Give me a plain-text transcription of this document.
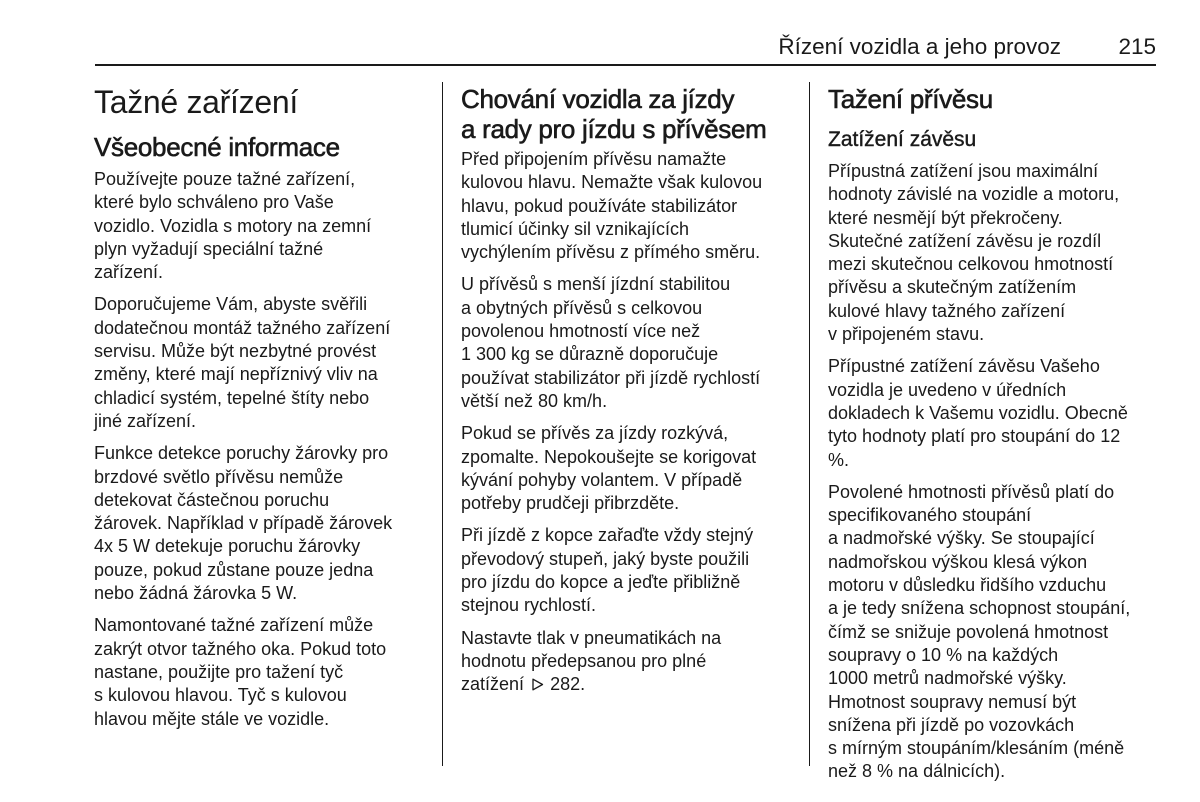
Řízení vozidla a jeho provoz	215
Tažné zařízení
Všeobecné informace

Používejte pouze tažné zařízení,
které bylo schváleno pro Vaše
vozidlo. Vozidla s motory na zemní
plyn vyžadují speciální tažné
zařízení.

Doporučujeme Vám, abyste svěřili
dodatečnou montáž tažného zařízení
servisu. Může být nezbytné provést
změny, které mají nepříznivý vliv na
chladicí systém, tepelné štíty nebo
jiné zařízení.

Funkce detekce poruchy žárovky pro
brzdové světlo přívěsu nemůže
detekovat částečnou poruchu
žárovek. Například v případě žárovek
4x 5 W detekuje poruchu žárovky
pouze, pokud zůstane pouze jedna
nebo žádná žárovka 5 W.

Namontované tažné zařízení může
zakrýt otvor tažného oka. Pokud toto
nastane, použijte pro tažení tyč
s kulovou hlavou. Tyč s kulovou
hlavou mějte stále ve vozidle.

Chování vozidla za jízdy
a rady pro jízdu s přívěsem

Před připojením přívěsu namažte
kulovou hlavu. Nemažte však kulovou
hlavu, pokud používáte stabilizátor
tlumicí účinky sil vznikajících
vychýlením přívěsu z přímého směru.

U přívěsů s menší jízdní stabilitou
a obytných přívěsů s celkovou
povolenou hmotností více než
1 300 kg se důrazně doporučuje
používat stabilizátor při jízdě rychlostí
větší než 80 km/h.

Pokud se přívěs za jízdy rozkývá,
zpomalte. Nepokoušejte se korigovat
kývání pohyby volantem. V případě
potřeby prudčeji přibrzděte.

Při jízdě z kopce zařaďte vždy stejný
převodový stupeň, jaký byste použili
pro jízdu do kopce a jeďte přibližně
stejnou rychlostí.

Nastavte tlak v pneumatikách na
hodnotu předepsanou pro plné
zatížení 282.

Tažení přívěsu
Zatížení závěsu

Přípustná zatížení jsou maximální
hodnoty závislé na vozidle a motoru,
které nesmějí být překročeny.
Skutečné zatížení závěsu je rozdíl
mezi skutečnou celkovou hmotností
přívěsu a skutečným zatížením
kulové hlavy tažného zařízení
v připojeném stavu.

Přípustné zatížení závěsu Vašeho
vozidla je uvedeno v úředních
dokladech k Vašemu vozidlu. Obecně
tyto hodnoty platí pro stoupání do 12
%.

Povolené hmotnosti přívěsů platí do
specifikovaného stoupání
a nadmořské výšky. Se stoupající
nadmořskou výškou klesá výkon
motoru v důsledku řidšího vzduchu
a je tedy snížena schopnost stoupání,
čímž se snižuje povolená hmotnost
soupravy o 10 % na každých
1000 metrů nadmořské výšky.
Hmotnost soupravy nemusí být
snížena při jízdě po vozovkách
s mírným stoupáním/klesáním (méně
než 8 % na dálnicích).
